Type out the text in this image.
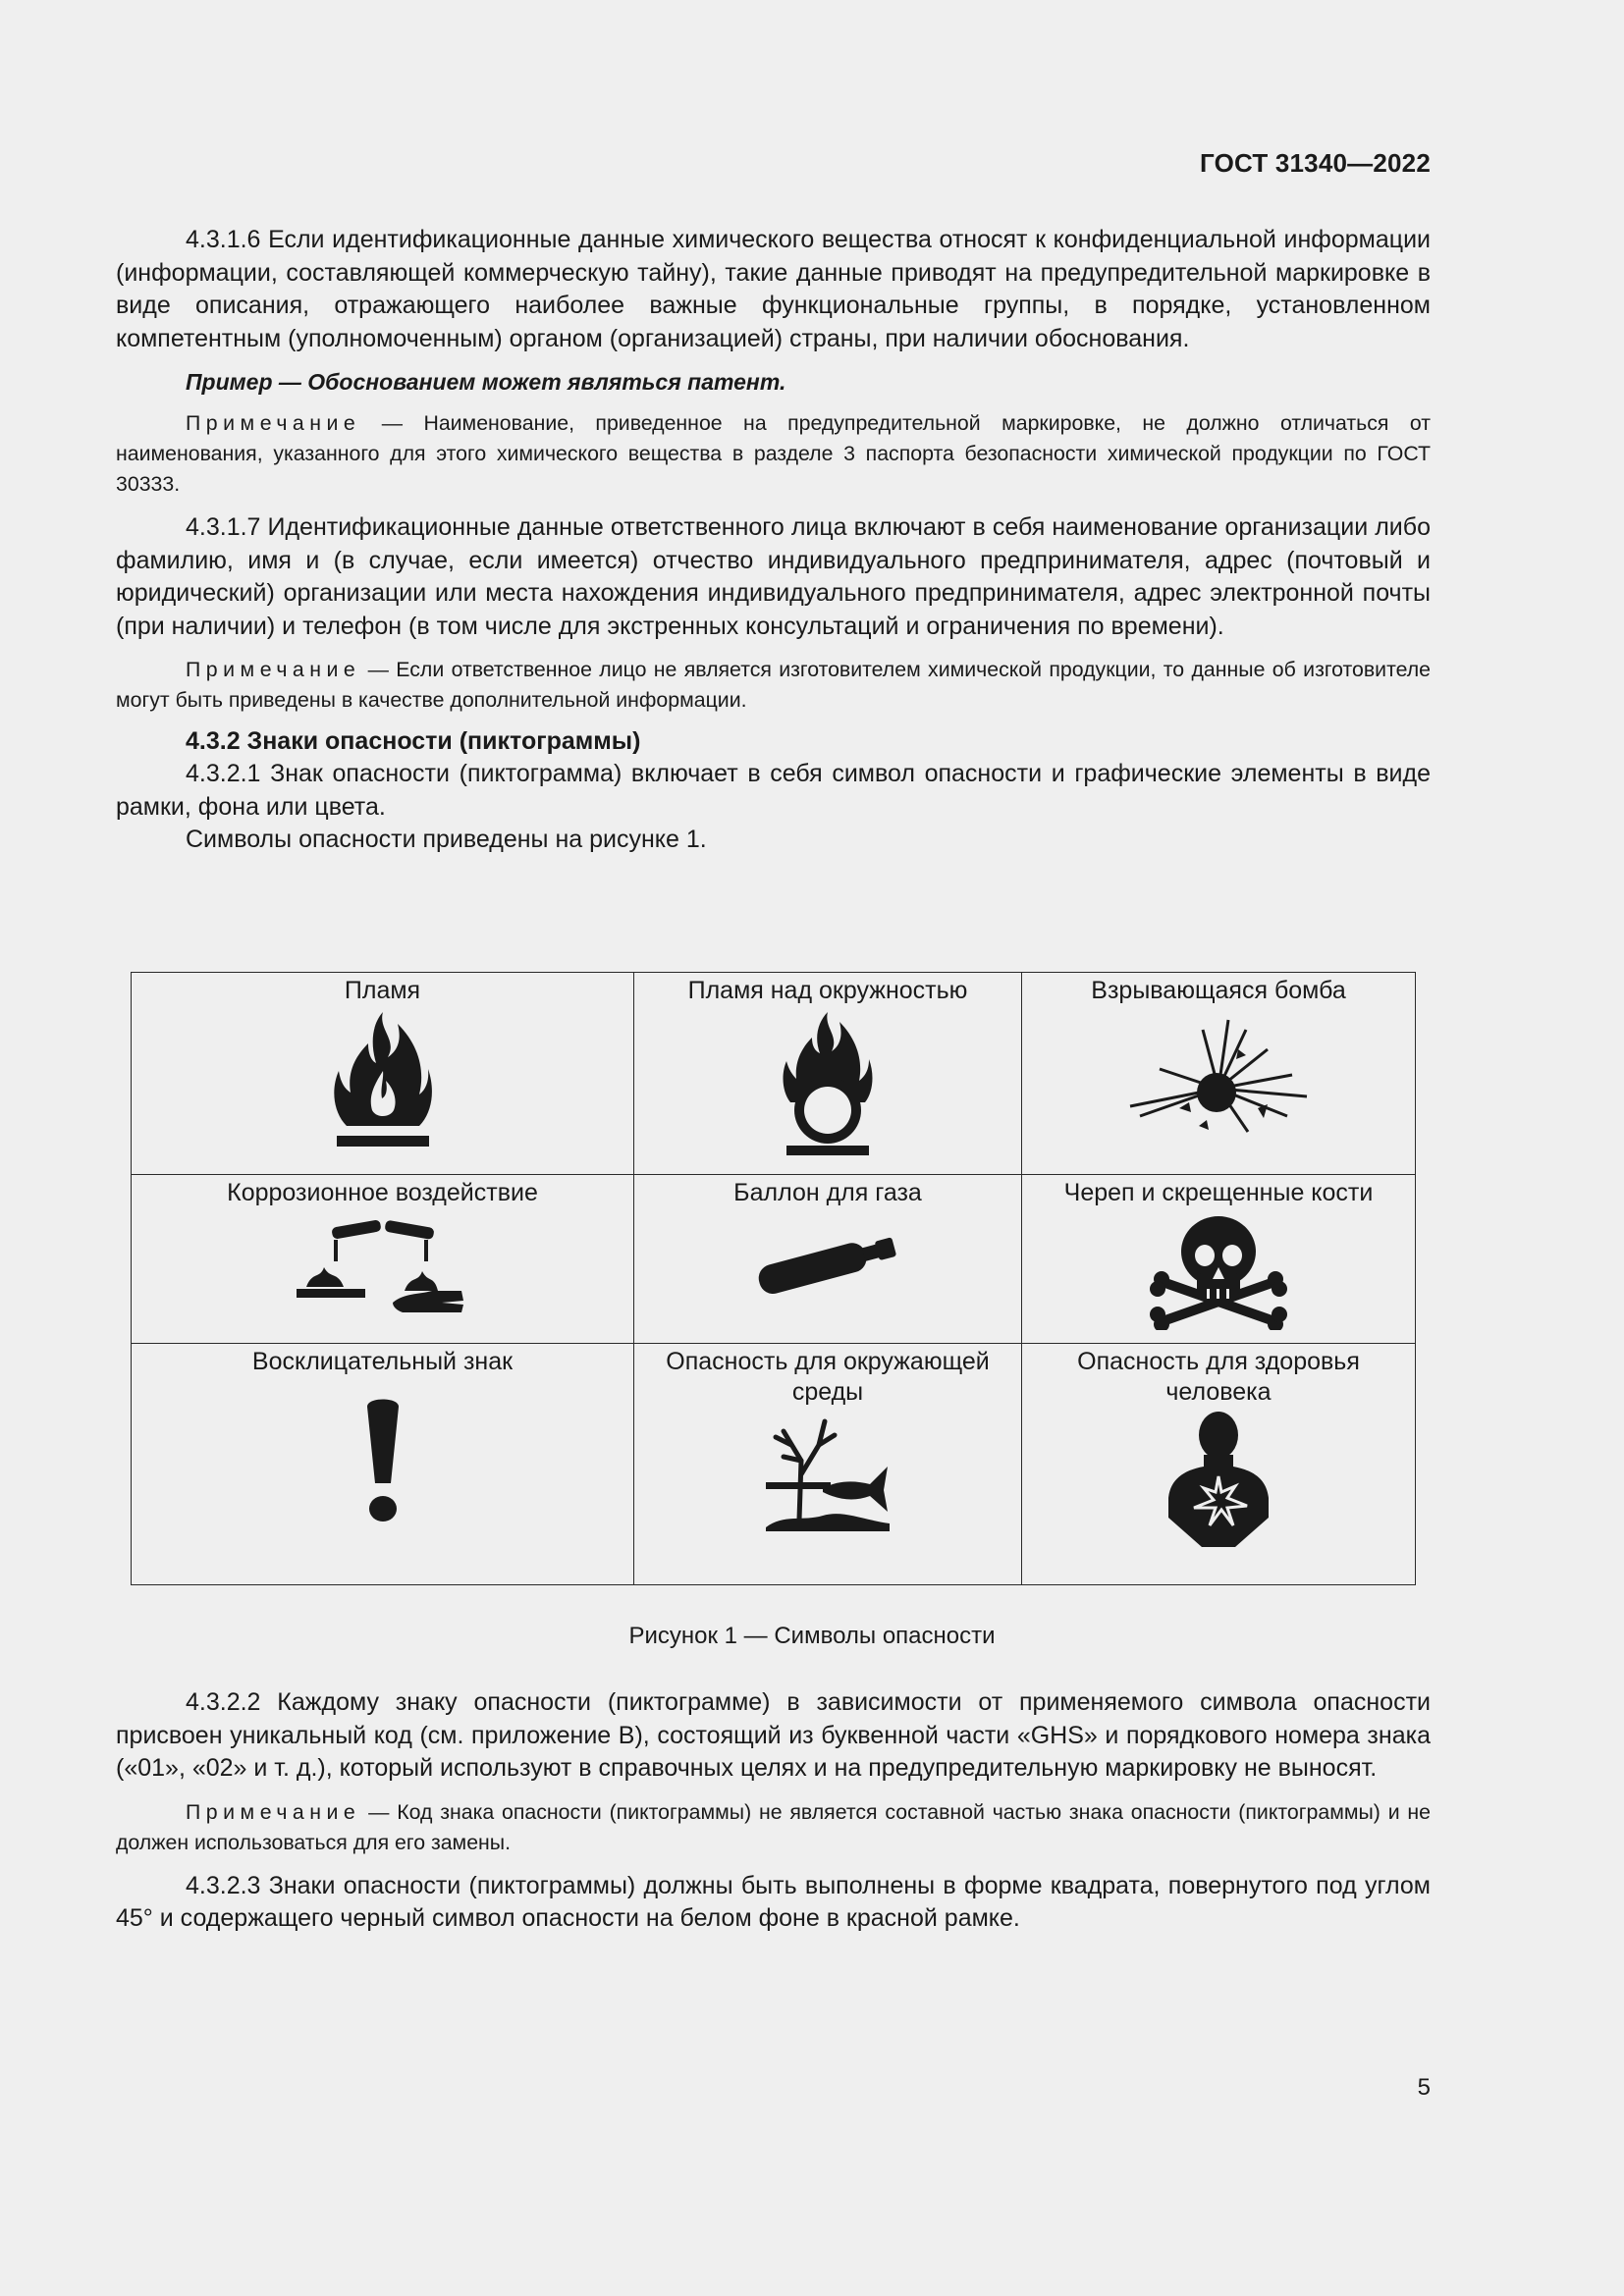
ГОСТ 31340—2022

4.3.1.6 Если идентификационные данные химического вещества относят к конфиденциальной информации (информации, составляющей коммерческую тайну), такие данные приводят на предупредительной маркировке в виде описания, отражающего наиболее важные функциональные группы, в порядке, установленном компетентным (уполномоченным) органом (организацией) страны, при наличии обоснования.

Пример — Обоснованием может являться патент.

Примечание — Наименование, приведенное на предупредительной маркировке, не должно отличаться от наименования, указанного для этого химического вещества в разделе 3 паспорта безопасности химической продукции по ГОСТ 30333.

4.3.1.7 Идентификационные данные ответственного лица включают в себя наименование организации либо фамилию, имя и (в случае, если имеется) отчество индивидуального предпринимателя, адрес (почтовый и юридический) организации или места нахождения индивидуального предпринимателя, адрес электронной почты (при наличии) и телефон (в том числе для экстренных консультаций и ограничения по времени).

Примечание — Если ответственное лицо не является изготовителем химической продукции, то данные об изготовителе могут быть приведены в качестве дополнительной информации.

4.3.2 Знаки опасности (пиктограммы)

4.3.2.1 Знак опасности (пиктограмма) включает в себя символ опасности и графические элементы в виде рамки, фона или цвета.

Символы опасности приведены на рисунке 1.

Пламя	Пламя над окружностью	Взрывающаяся бомба

Коррозионное воздействие	Баллон для газа	Череп и скрещенные кости

Восклицательный знак	Опасность для окружающей среды	Опасность для здоровья человека
Рисунок 1 — Символы опасности

4.3.2.2 Каждому знаку опасности (пиктограмме) в зависимости от применяемого символа опасности присвоен уникальный код (см. приложение В), состоящий из буквенной части «GHS» и порядкового номера знака («01», «02» и т. д.), который используют в справочных целях и на предупредительную маркировку не выносят.

Примечание — Код знака опасности (пиктограммы) не является составной частью знака опасности (пиктограммы) и не должен использоваться для его замены.

4.3.2.3 Знаки опасности (пиктограммы) должны быть выполнены в форме квадрата, повернутого под углом 45° и содержащего черный символ опасности на белом фоне в красной рамке.

5
